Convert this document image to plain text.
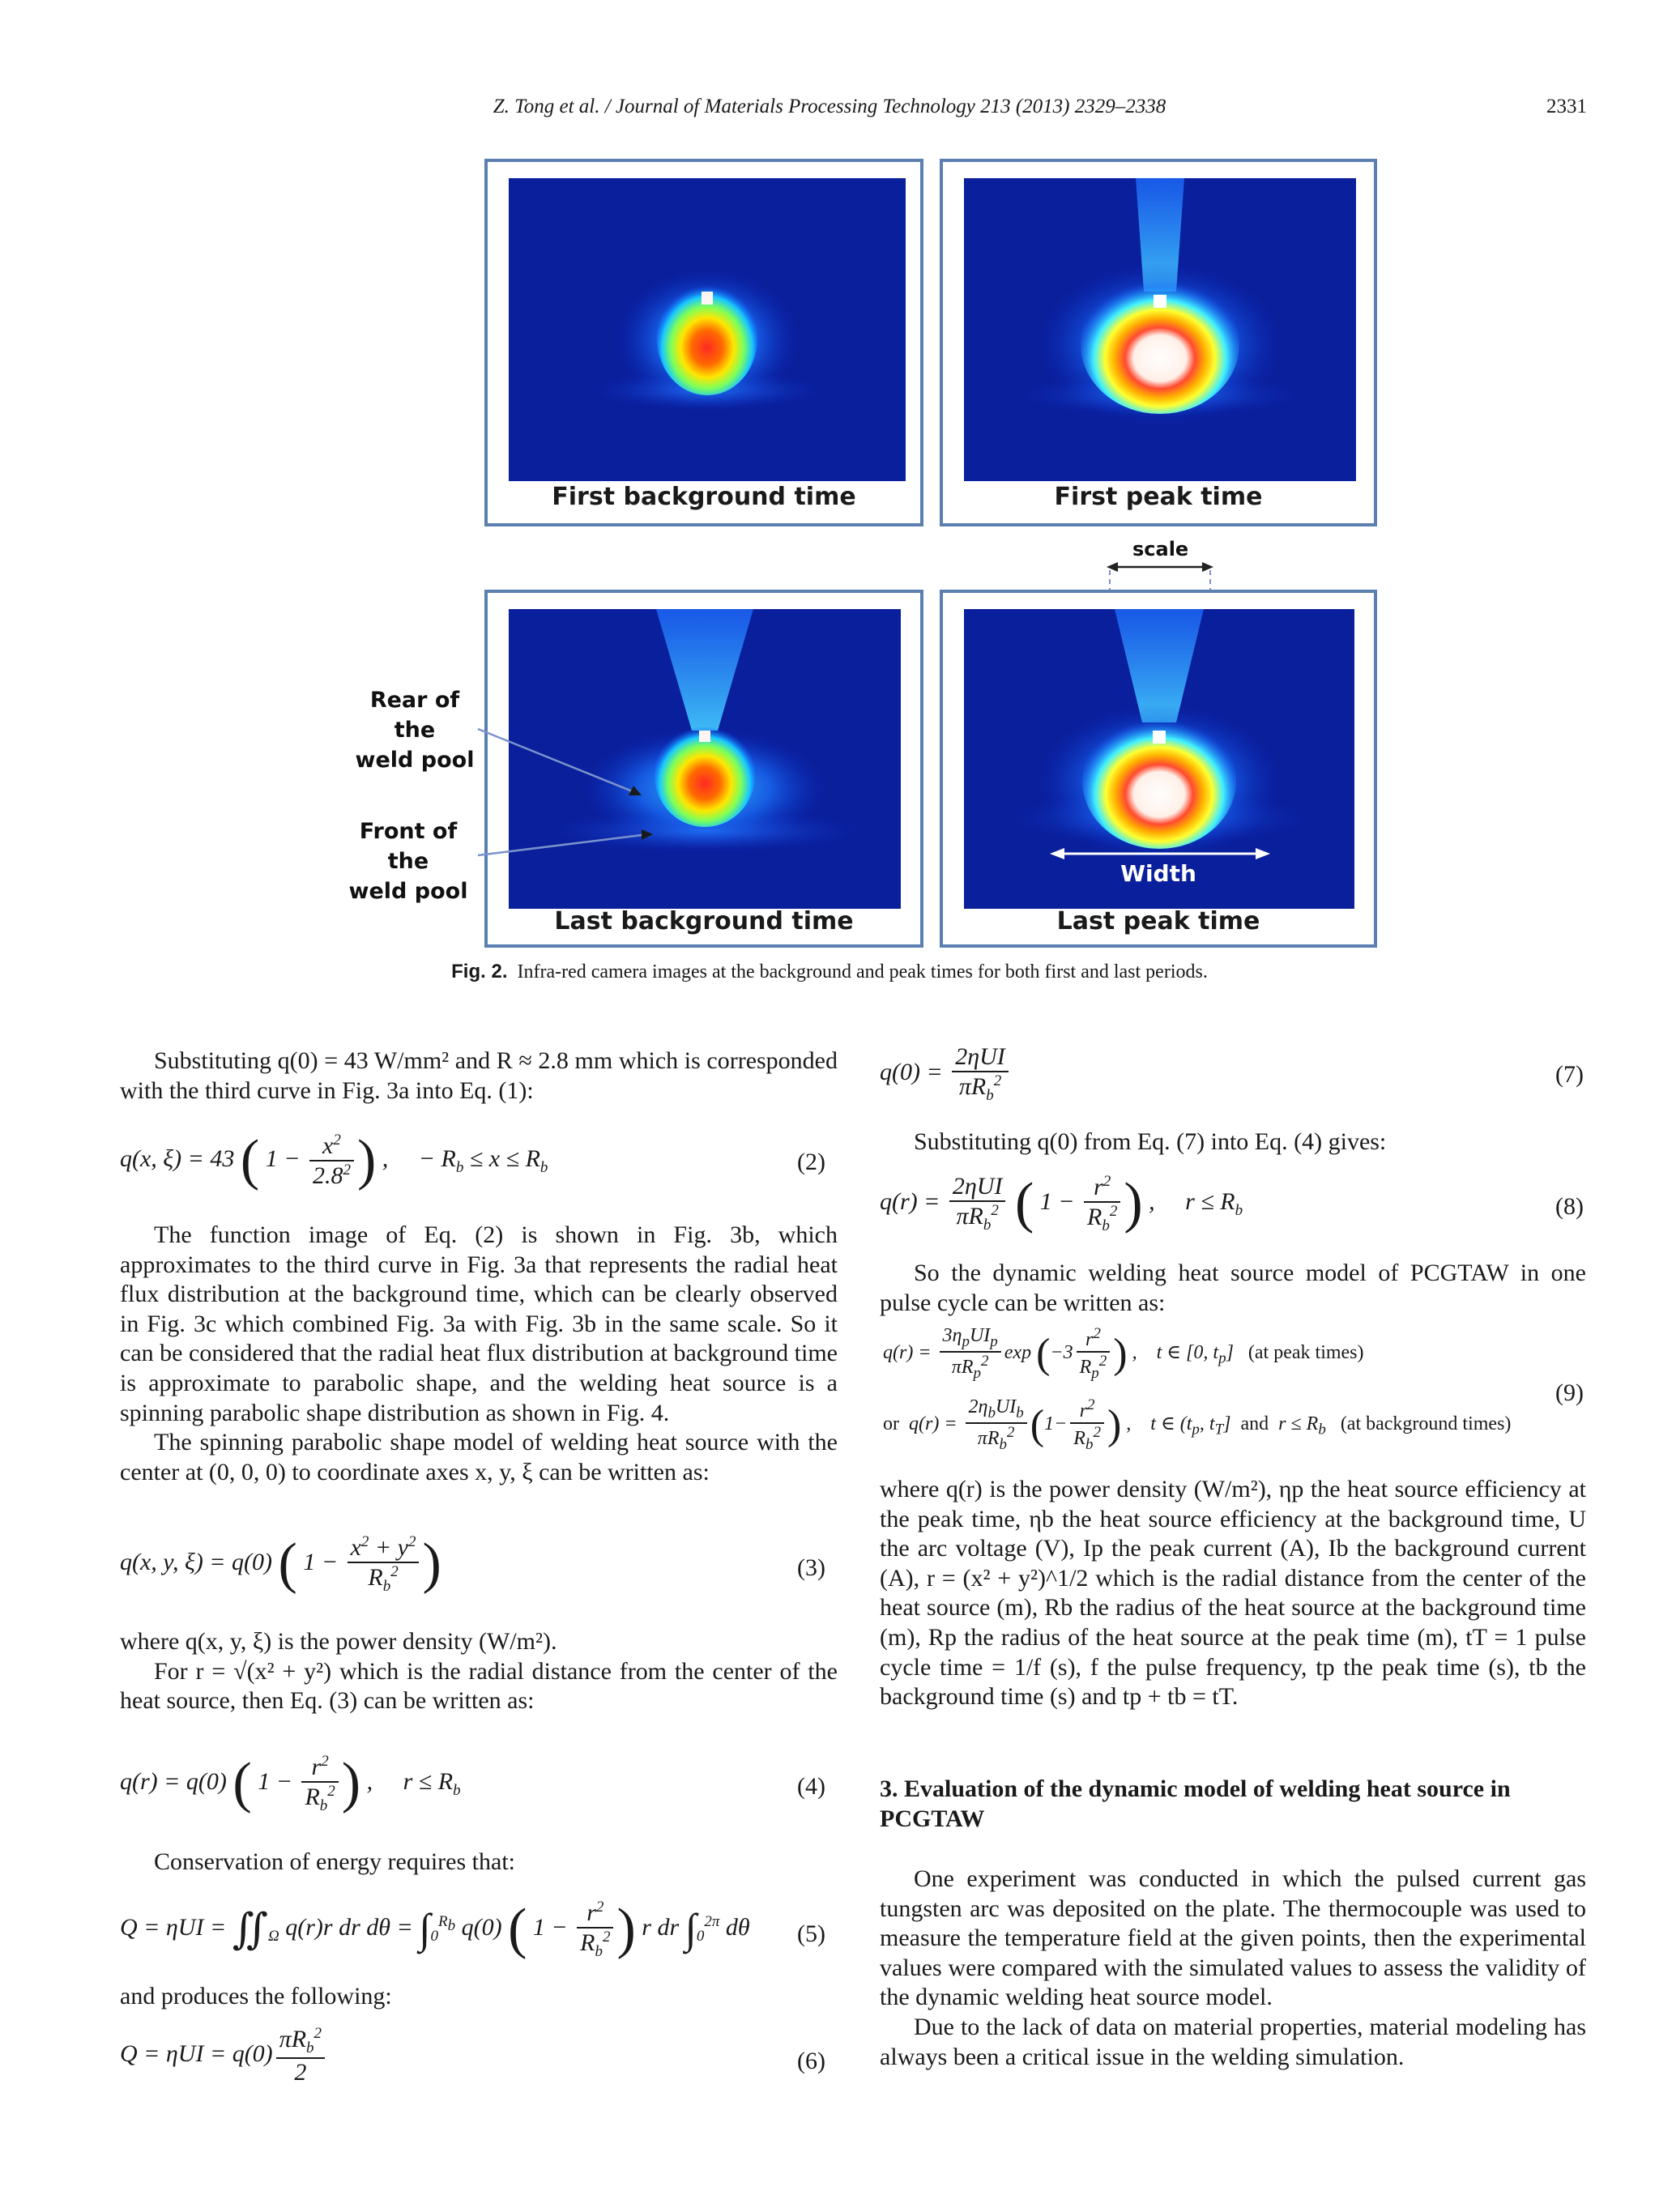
Z. Tong et al. / Journal of Materials Processing Technology 213 (2013) 2329–2338	2331
First background time	First peak time
scale
Last background time
Width
Last peak time
Rear of the
weld pool
Front of the
weld pool
Fig. 2. Infra-red camera images at the background and peak times for both first and last periods.

Substituting q(0) = 43 W/mm² and R ≈ 2.8 mm which is corresponded with the third curve in Fig. 3a into Eq. (1):

q(x, ξ) = 43 ( $1 - \frac{x^2}{2.8^2}$ ) ,     − $R_b \le x \le R_b$	(2)

The function image of Eq. (2) is shown in Fig. 3b, which approximates to the third curve in Fig. 3a that represents the radial heat flux distribution at the background time, which can be clearly observed in Fig. 3c which combined Fig. 3a with Fig. 3b in the same scale. So it can be considered that the radial heat flux distribution at background time is approximate to parabolic shape, and the welding heat source is a spinning parabolic shape distribution as shown in Fig. 4.

The spinning parabolic shape model of welding heat source with the center at (0, 0, 0) to coordinate axes x, y, ξ can be written as:

q(x, y, ξ) = q(0) ( $1 - \frac{x^2 + y^2}{R_b^2}$ )	(3)

where q(x, y, ξ) is the power density (W/m²).

For r = √(x² + y²) which is the radial distance from the center of the heat source, then Eq. (3) can be written as:

q(r) = q(0) ( $1 - \frac{r^2}{R_b^2}$ ) ,     $r \le R_b$	(4)

Conservation of energy requires that:

$Q = \eta UI = ∬_\Omega$ q(r)r dr $d\theta = \int_0^{R_b}$ q(0) ( $1 - \frac{r^2}{R_b^2}$ ) r dr $\int_0^{2\pi}$ dθ (5)

and produces the following:

$Q = \eta UI = q(0) \frac{\pi R_b^2}{2}$	(6)
$q(0) = \frac{\text{2ηUI}}{\pi R_b^2}$	(7)

Substituting q(0) from Eq. (7) into Eq. (4) gives:

$q(r) = \frac{\text{2ηUI}}{\pi R_b^2}$ ( $1 - \frac{r^2}{R_b^2}$ ) ,     $r \le R_b$	(8)

So the dynamic welding heat source model of PCGTAW in one pulse cycle can be written as:

$q(r) = \frac{3\eta_pUI_p}{\pi R_p^2}$ $\exp (-3 \frac{r^2}{R_p^2}$ ) ,    t ∈ [0, $t_p$]   (at peak times)
or  $q(r) = \frac{2\eta_bUI_b}{\pi R_b^2} (1- \frac{r^2}{R_b^2}$ ) ,    t ∈ ($t_p$, $t_T$]  and  $r \le R_b$ (at background times)
(9)

where q(r) is the power density (W/m²), ηp the heat source efficiency at the peak time, ηb the heat source efficiency at the background time, U the arc voltage (V), Ip the peak current (A), Ib the background current (A), r = (x² + y²)^1/2 which is the radial distance from the center of the heat source (m), Rb the radius of the heat source at the background time (m), Rp the radius of the heat source at the peak time (m), tT = 1 pulse cycle time = 1/f (s), f the pulse frequency, tp the peak time (s), tb the background time (s) and tp + tb = tT.

3. Evaluation of the dynamic model of welding heat source in PCGTAW

One experiment was conducted in which the pulsed current gas tungsten arc was deposited on the plate. The thermocouple was used to measure the temperature field at the given points, then the experimental values were compared with the simulated values to assess the validity of the dynamic welding heat source model.

Due to the lack of data on material properties, material modeling has always been a critical issue in the welding simulation.
